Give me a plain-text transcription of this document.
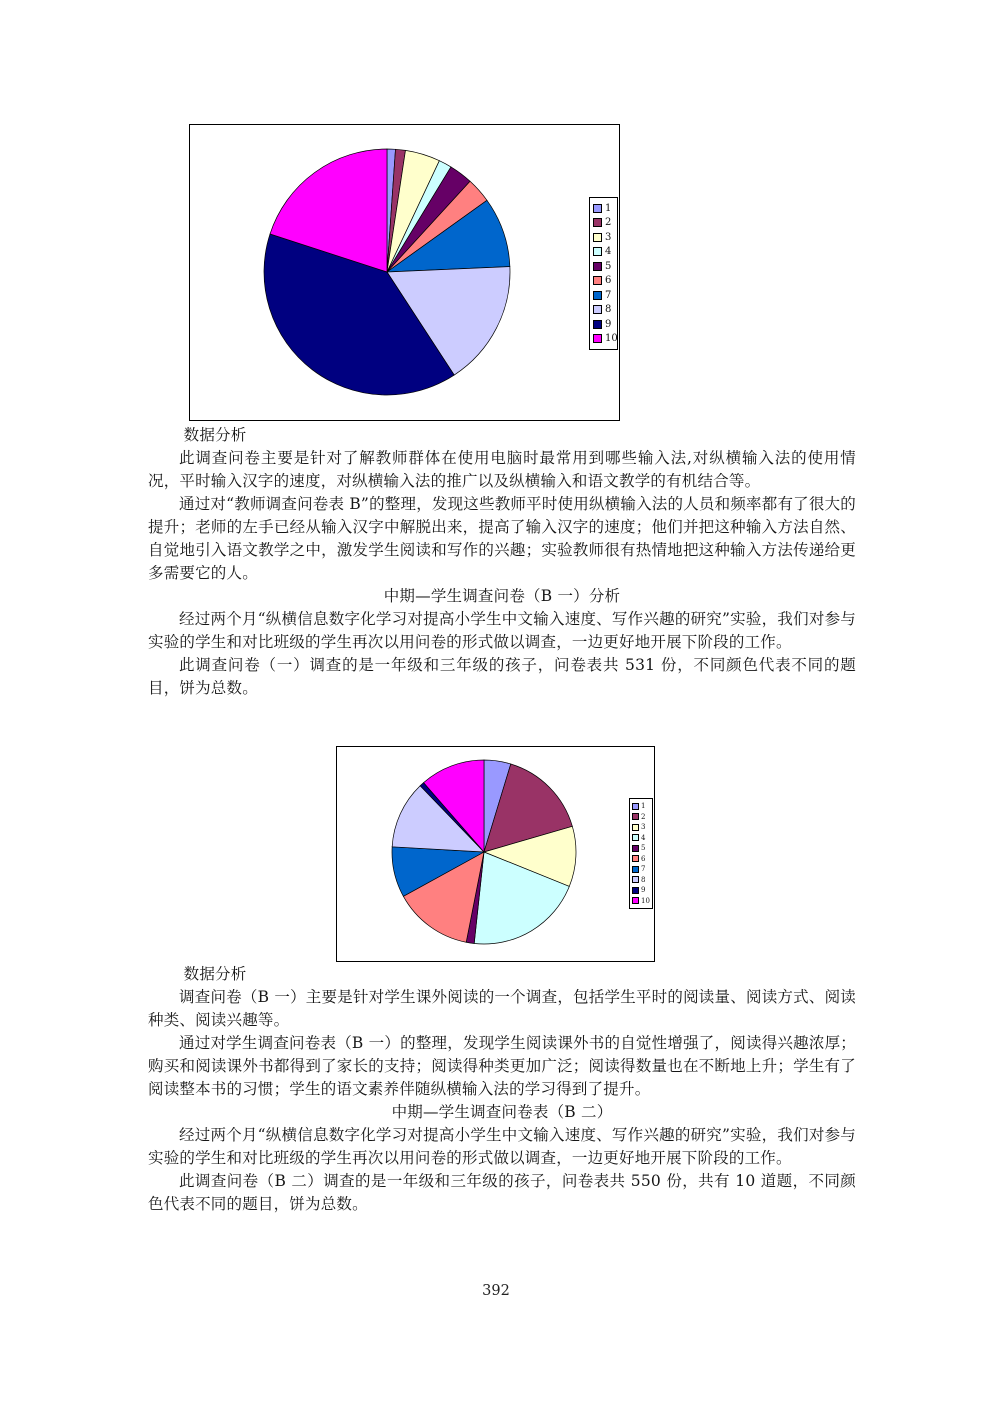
1
2
3
4
5
6
7
8
9
10

数据分析

此调查问卷主要是针对了解教师群体在使用电脑时最常用到哪些输入法,对纵横输入法的使用情况，平时输入汉字的速度，对纵横输入法的推广以及纵横输入和语文教学的有机结合等。

通过对“教师调查问卷表 B”的整理，发现这些教师平时使用纵横输入法的人员和频率都有了很大的提升；老师的左手已经从输入汉字中解脱出来，提高了输入汉字的速度；他们并把这种输入方法自然、自觉地引入语文教学之中，激发学生阅读和写作的兴趣；实验教师很有热情地把这种输入方法传递给更多需要它的人。

中期—学生调查问卷（B 一）分析

经过两个月“纵横信息数字化学习对提高小学生中文输入速度、写作兴趣的研究”实验，我们对参与实验的学生和对比班级的学生再次以用问卷的形式做以调查，一边更好地开展下阶段的工作。

此调查问卷（一）调查的是一年级和三年级的孩子，问卷表共 531 份，不同颜色代表不同的题目，饼为总数。

1
2
3
4
5
6
7
8
9
10

数据分析

调查问卷（B 一）主要是针对学生课外阅读的一个调查，包括学生平时的阅读量、阅读方式、阅读种类、阅读兴趣等。

通过对学生调查问卷表（B 一）的整理，发现学生阅读课外书的自觉性增强了，阅读得兴趣浓厚；购买和阅读课外书都得到了家长的支持；阅读得种类更加广泛；阅读得数量也在不断地上升；学生有了阅读整本书的习惯；学生的语文素养伴随纵横输入法的学习得到了提升。

中期—学生调查问卷表（B 二）

经过两个月“纵横信息数字化学习对提高小学生中文输入速度、写作兴趣的研究”实验，我们对参与实验的学生和对比班级的学生再次以用问卷的形式做以调查，一边更好地开展下阶段的工作。

此调查问卷（B 二）调查的是一年级和三年级的孩子，问卷表共 550 份，共有 10 道题，不同颜色代表不同的题目，饼为总数。

392
